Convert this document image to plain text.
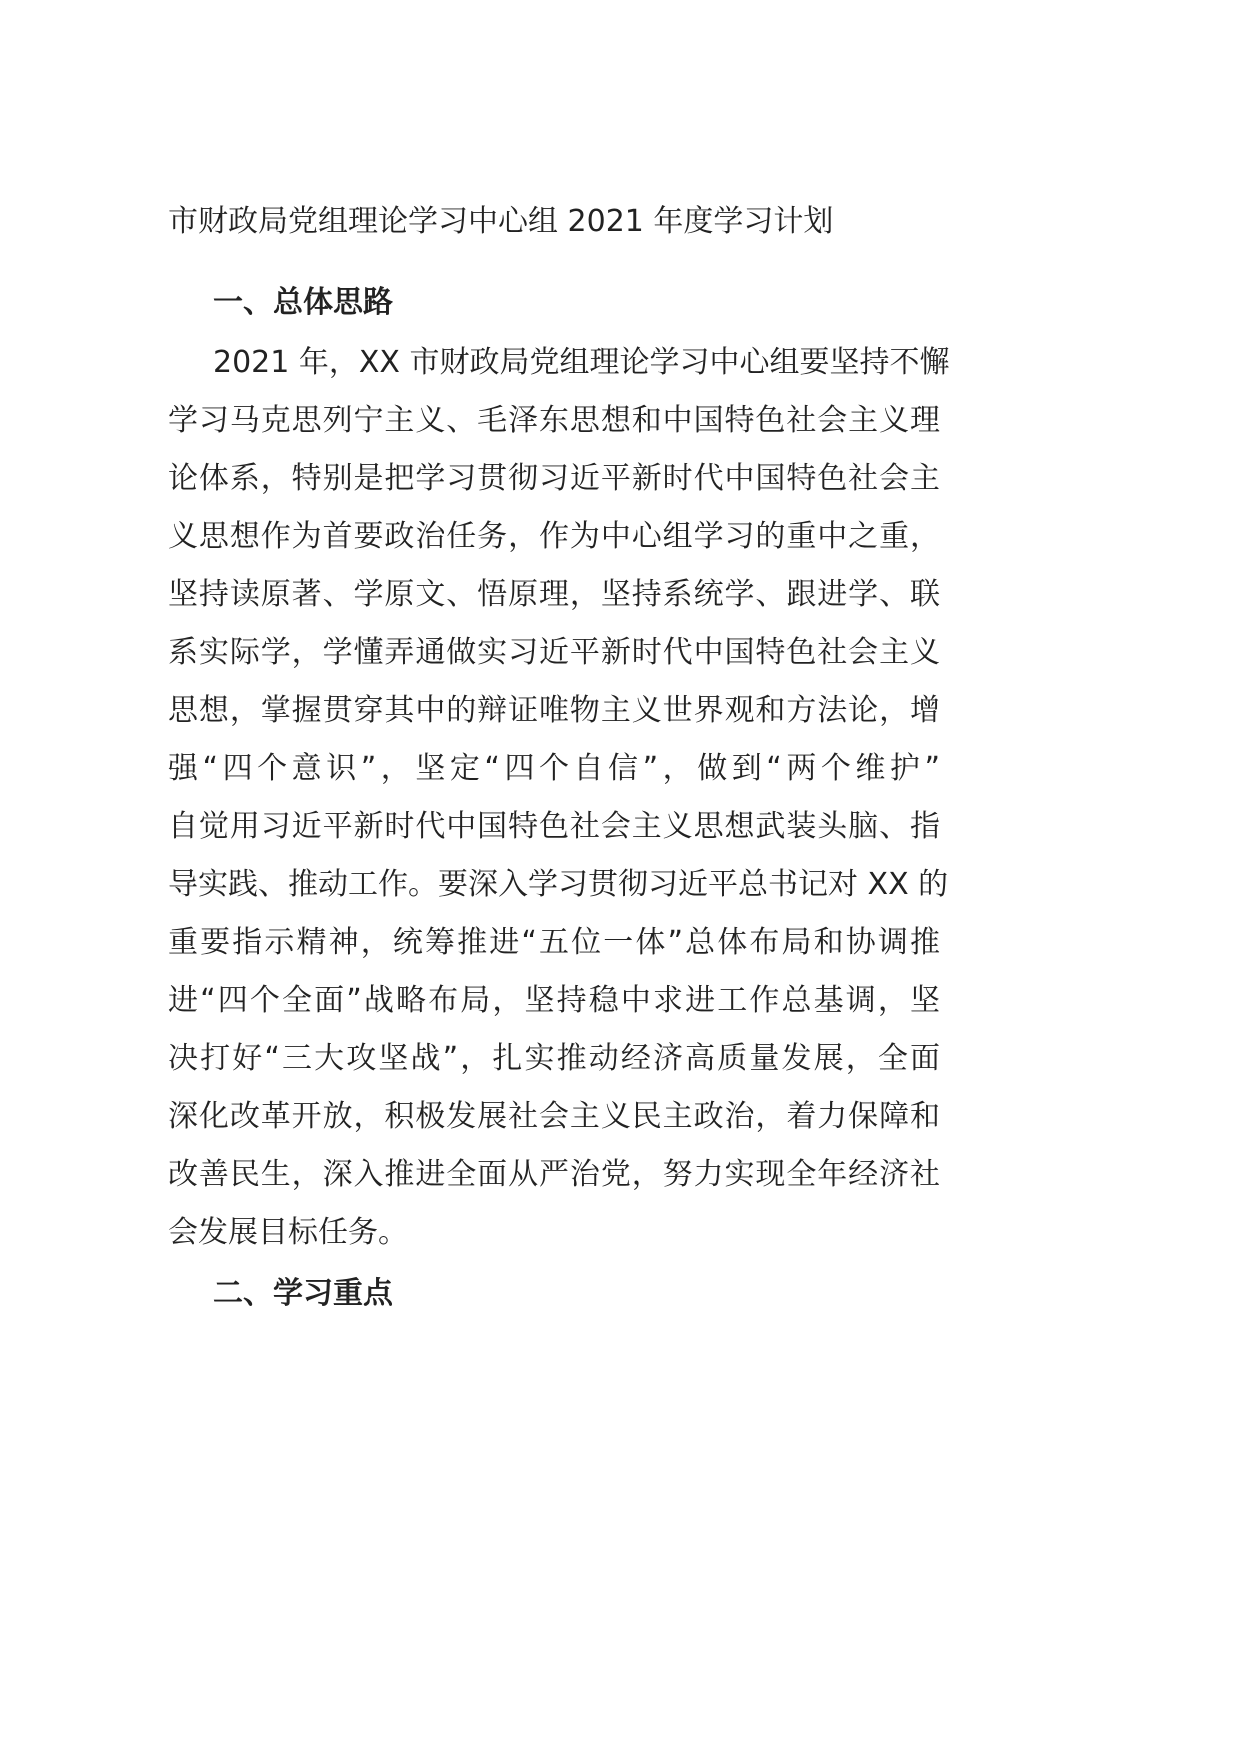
市财政局党组理论学习中心组 2021 年度学习计划
一、总体思路
2021 年，XX 市财政局党组理论学习中心组要坚持不懈
学习马克思列宁主义、毛泽东思想和中国特色社会主义理
论体系，特别是把学习贯彻习近平新时代中国特色社会主
义思想作为首要政治任务，作为中心组学习的重中之重，
坚持读原著、学原文、悟原理，坚持系统学、跟进学、联
系实际学，学懂弄通做实习近平新时代中国特色社会主义
思想，掌握贯穿其中的辩证唯物主义世界观和方法论，增
强“四个意识”，坚定“四个自信”，做到“两个维护”
自觉用习近平新时代中国特色社会主义思想武装头脑、指
导实践、推动工作。要深入学习贯彻习近平总书记对 XX 的
重要指示精神，统筹推进“五位一体”总体布局和协调推
进“四个全面”战略布局，坚持稳中求进工作总基调，坚
决打好“三大攻坚战”，扎实推动经济高质量发展，全面
深化改革开放，积极发展社会主义民主政治，着力保障和
改善民生，深入推进全面从严治党，努力实现全年经济社
会发展目标任务。
二、学习重点
